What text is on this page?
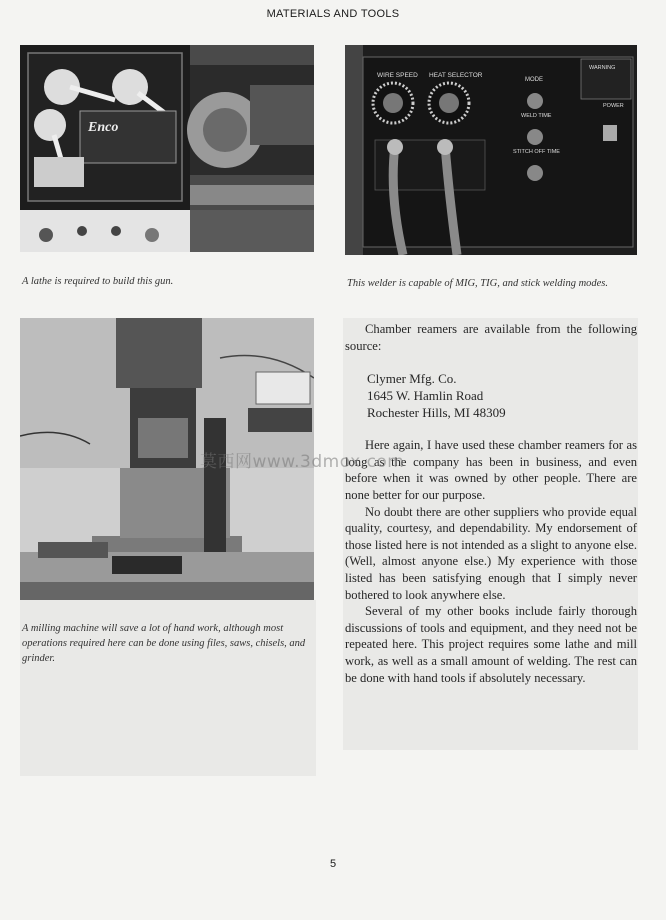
MATERIALS AND TOOLS
Enco
A lathe is required to build this gun.
WIRE SPEED HEAT SELECTOR
MODE
WELD TIME
STITCH OFF TIME
WARNING
POWER
This welder is capable of MIG, TIG, and stick welding modes.
A milling machine will save a lot of hand work, although most operations required here can be done using files, saws, chisels, and grinder.

Chamber reamers are available from the following source:

Clymer Mfg. Co.
1645 W. Hamlin Road
Rochester Hills, MI 48309

Here again, I have used these chamber reamers for as long as the company has been in business, and even before when it was owned by other people. There are none better for our purpose.

No doubt there are other suppliers who provide equal quality, courtesy, and dependability. My endorsement of those listed here is not intended as a slight to anyone else. (Well, almost anyone else.) My experience with those listed has been satisfying enough that I simply never bothered to look anywhere else.

Several of my other books include fairly thorough discussions of tools and equipment, and they need not be repeated here. This project requires some lathe and mill work, as well as a small amount of welding. The rest can be done with hand tools if absolutely necessary.

莫西网www.3dmox.com
5
